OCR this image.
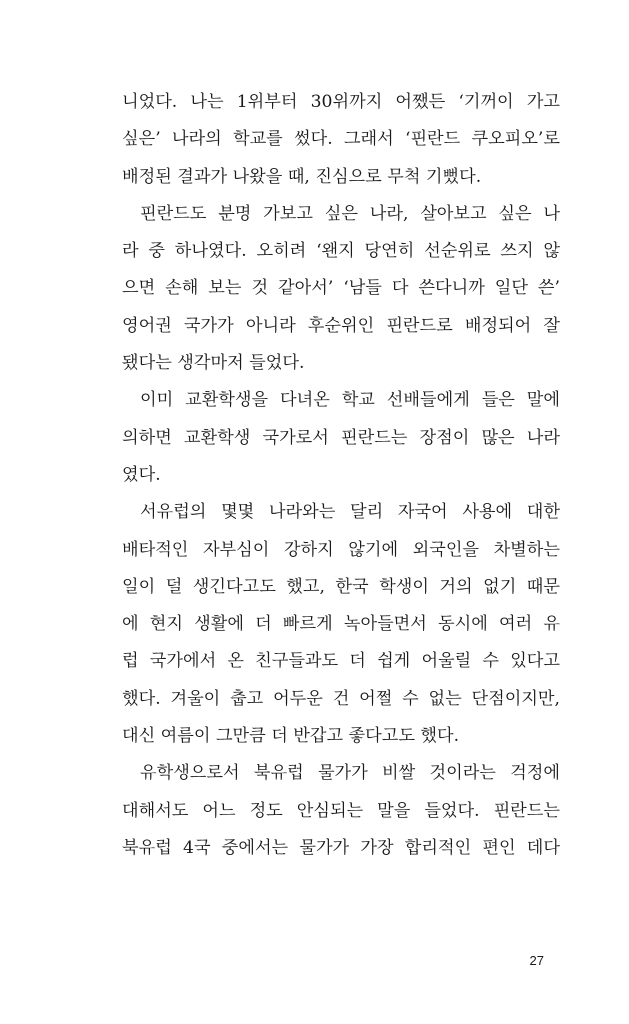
니었다. 나는 1위부터 30위까지 어쨌든 ‘기꺼이 가고
싶은’ 나라의 학교를 썼다. 그래서 ‘핀란드 쿠오피오’로
배정된 결과가 나왔을 때, 진심으로 무척 기뻤다.
핀란드도 분명 가보고 싶은 나라, 살아보고 싶은 나
라 중 하나였다. 오히려 ‘왠지 당연히 선순위로 쓰지 않
으면 손해 보는 것 같아서’ ‘남들 다 쓴다니까 일단 쓴’
영어권 국가가 아니라 후순위인 핀란드로 배정되어 잘
됐다는 생각마저 들었다.
이미 교환학생을 다녀온 학교 선배들에게 들은 말에
의하면 교환학생 국가로서 핀란드는 장점이 많은 나라
였다.
서유럽의 몇몇 나라와는 달리 자국어 사용에 대한
배타적인 자부심이 강하지 않기에 외국인을 차별하는
일이 덜 생긴다고도 했고, 한국 학생이 거의 없기 때문
에 현지 생활에 더 빠르게 녹아들면서 동시에 여러 유
럽 국가에서 온 친구들과도 더 쉽게 어울릴 수 있다고
했다. 겨울이 춥고 어두운 건 어쩔 수 없는 단점이지만,
대신 여름이 그만큼 더 반갑고 좋다고도 했다.
유학생으로서 북유럽 물가가 비쌀 것이라는 걱정에
대해서도 어느 정도 안심되는 말을 들었다. 핀란드는
북유럽 4국 중에서는 물가가 가장 합리적인 편인 데다
27
